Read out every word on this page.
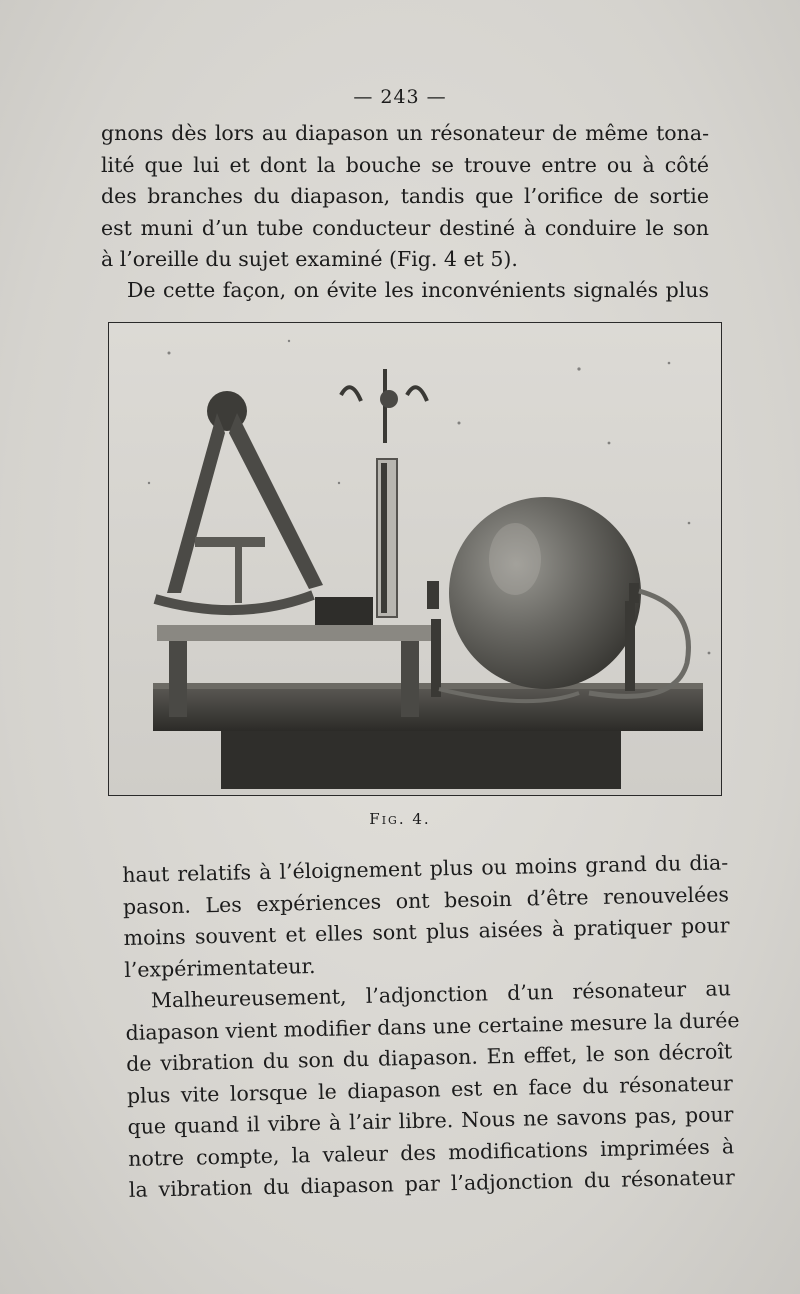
— 243 —

gnons dès lors au diapason un résonateur de même tona-
lité que lui et dont la bouche se trouve entre ou à côté
des branches du diapason, tandis que l’orifice de sortie
est muni d’un tube conducteur destiné à conduire le son
à l’oreille du sujet examiné (Fig. 4 et 5).

De cette façon, on évite les inconvénients signalés plus

Fig. 4.

haut relatifs à l’éloignement plus ou moins grand du dia-
pason. Les expériences ont besoin d’être renouvelées
moins souvent et elles sont plus aisées à pratiquer pour
l’expérimentateur.
Malheureusement, l’adjonction d’un résonateur au
diapason vient modifier dans une certaine mesure la durée
de vibration du son du diapason. En effet, le son décroît
plus vite lorsque le diapason est en face du résonateur
que quand il vibre à l’air libre. Nous ne savons pas, pour
notre compte, la valeur des modifications imprimées à
la vibration du diapason par l’adjonction du résonateur
